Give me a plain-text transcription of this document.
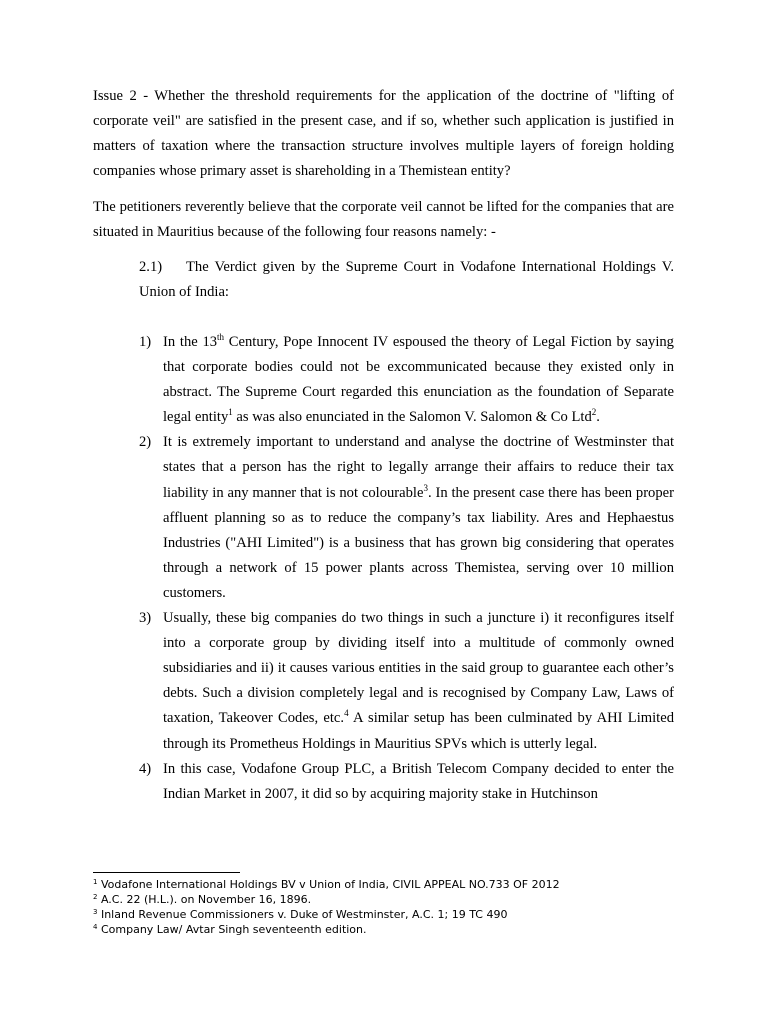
Issue 2 - Whether the threshold requirements for the application of the doctrine of "lifting of corporate veil" are satisfied in the present case, and if so, whether such application is justified in matters of taxation where the transaction structure involves multiple layers of foreign holding companies whose primary asset is shareholding in a Themistean entity?

The petitioners reverently believe that the corporate veil cannot be lifted for the companies that are situated in Mauritius because of the following four reasons namely: -

2.1) The Verdict given by the Supreme Court in Vodafone International Holdings V. Union of India:
1) In the 13th Century, Pope Innocent IV espoused the theory of Legal Fiction by saying that corporate bodies could not be excommunicated because they existed only in abstract. The Supreme Court regarded this enunciation as the foundation of Separate legal entity$^1$ as was also enunciated in the Salomon V. Salomon & Co Ltd$^2$.
2) It is extremely important to understand and analyse the doctrine of Westminster that states that a person has the right to legally arrange their affairs to reduce their tax liability in any manner that is not colourable$^3$. In the present case there has been proper affluent planning so as to reduce the company’s tax liability. Ares and Hephaestus Industries ("AHI Limited") is a business that has grown big considering that operates through a network of 15 power plants across Themistea, serving over 10 million customers.
3) Usually, these big companies do two things in such a juncture i) it reconfigures itself into a corporate group by dividing itself into a multitude of commonly owned subsidiaries and ii) it causes various entities in the said group to guarantee each other’s debts. Such a division completely legal and is recognised by Company Law, Laws of taxation, Takeover Codes, etc.$^4$ A similar setup has been culminated by AHI Limited through its Prometheus Holdings in Mauritius SPVs which is utterly legal.
4) In this case, Vodafone Group PLC, a British Telecom Company decided to enter the Indian Market in 2007, it did so by acquiring majority stake in Hutchinson
$^1$ Vodafone International Holdings BV v Union of India, CIVIL APPEAL NO.733 OF 2012
$^2$ A.C. 22 (H.L.). on November 16, 1896.
$^3$ Inland Revenue Commissioners v. Duke of Westminster, A.C. 1; 19 TC 490
$^4$ Company Law/ Avtar Singh seventeenth edition.
